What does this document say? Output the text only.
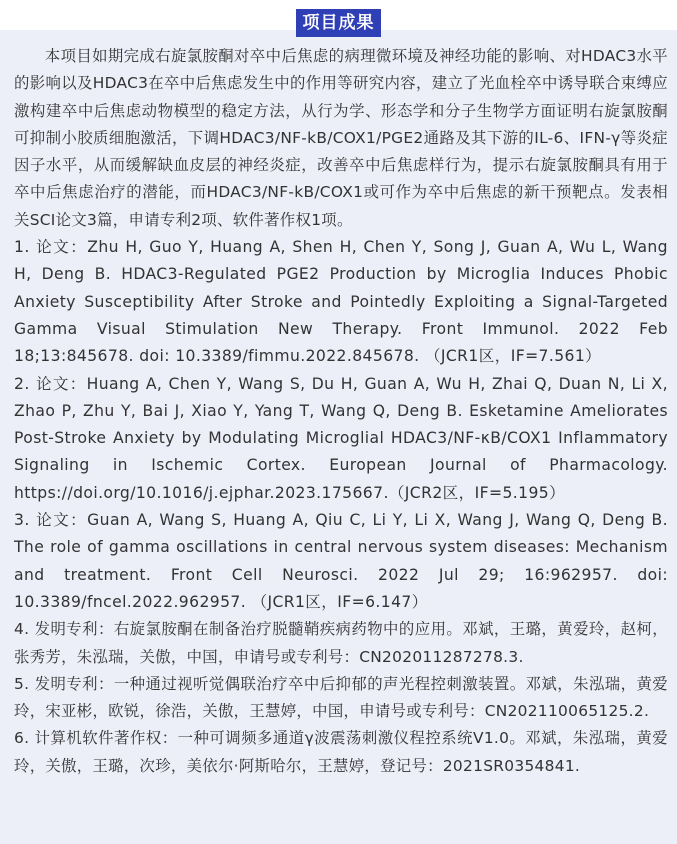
项目成果

本项目如期完成右旋氯胺酮对卒中后焦虑的病理微环境及神经功能的影响、对HDAC3水平的影响以及HDAC3在卒中后焦虑发生中的作用等研究内容，建立了光血栓卒中诱导联合束缚应激构建卒中后焦虑动物模型的稳定方法，从行为学、形态学和分子生物学方面证明右旋氯胺酮可抑制小胶质细胞激活，下调HDAC3/NF-kB/COX1/PGE2通路及其下游的IL-6、IFN-γ等炎症因子水平，从而缓解缺血皮层的神经炎症，改善卒中后焦虑样行为，提示右旋氯胺酮具有用于卒中后焦虑治疗的潜能，而HDAC3/NF-kB/COX1或可作为卒中后焦虑的新干预靶点。发表相关SCI论文3篇，申请专利2项、软件著作权1项。

1. 论文：Zhu H, Guo Y, Huang A, Shen H, Chen Y, Song J, Guan A, Wu L, Wang H, Deng B. HDAC3-Regulated PGE2 Production by Microglia Induces Phobic Anxiety Susceptibility After Stroke and Pointedly Exploiting a Signal-Targeted Gamma Visual Stimulation New Therapy. Front Immunol. 2022 Feb 18;13:845678. doi: 10.3389/fimmu.2022.845678. （JCR1区，IF=7.561）

2. 论文：Huang A, Chen Y, Wang S, Du H, Guan A, Wu H, Zhai Q, Duan N, Li X, Zhao P, Zhu Y, Bai J, Xiao Y, Yang T, Wang Q, Deng B. Esketamine Ameliorates Post-Stroke Anxiety by Modulating Microglial HDAC3/NF-κB/COX1 Inflammatory Signaling in Ischemic Cortex. European Journal of Pharmacology. https://doi.org/10.1016/j.ejphar.2023.175667.（JCR2区，IF=5.195）

3. 论文：Guan A, Wang S, Huang A, Qiu C, Li Y, Li X, Wang J, Wang Q, Deng B. The role of gamma oscillations in central nervous system diseases: Mechanism and treatment. Front Cell Neurosci. 2022 Jul 29; 16:962957. doi: 10.3389/fncel.2022.962957. （JCR1区，IF=6.147）

4. 发明专利：右旋氯胺酮在制备治疗脱髓鞘疾病药物中的应用。邓斌，王璐，黄爱玲，赵柯，张秀芳，朱泓瑞，关傲，中国，申请号或专利号：CN202011287278.3.

5. 发明专利：一种通过视听觉偶联治疗卒中后抑郁的声光程控刺激装置。邓斌，朱泓瑞，黄爱玲，宋亚彬，欧锐，徐浩，关傲，王慧婷，中国，申请号或专利号：CN202110065125.2.

6. 计算机软件著作权：一种可调频多通道γ波震荡刺激仪程控系统V1.0。邓斌，朱泓瑞，黄爱玲，关傲，王璐，次珍，美依尔·阿斯哈尔，王慧婷，登记号：2021SR0354841.
